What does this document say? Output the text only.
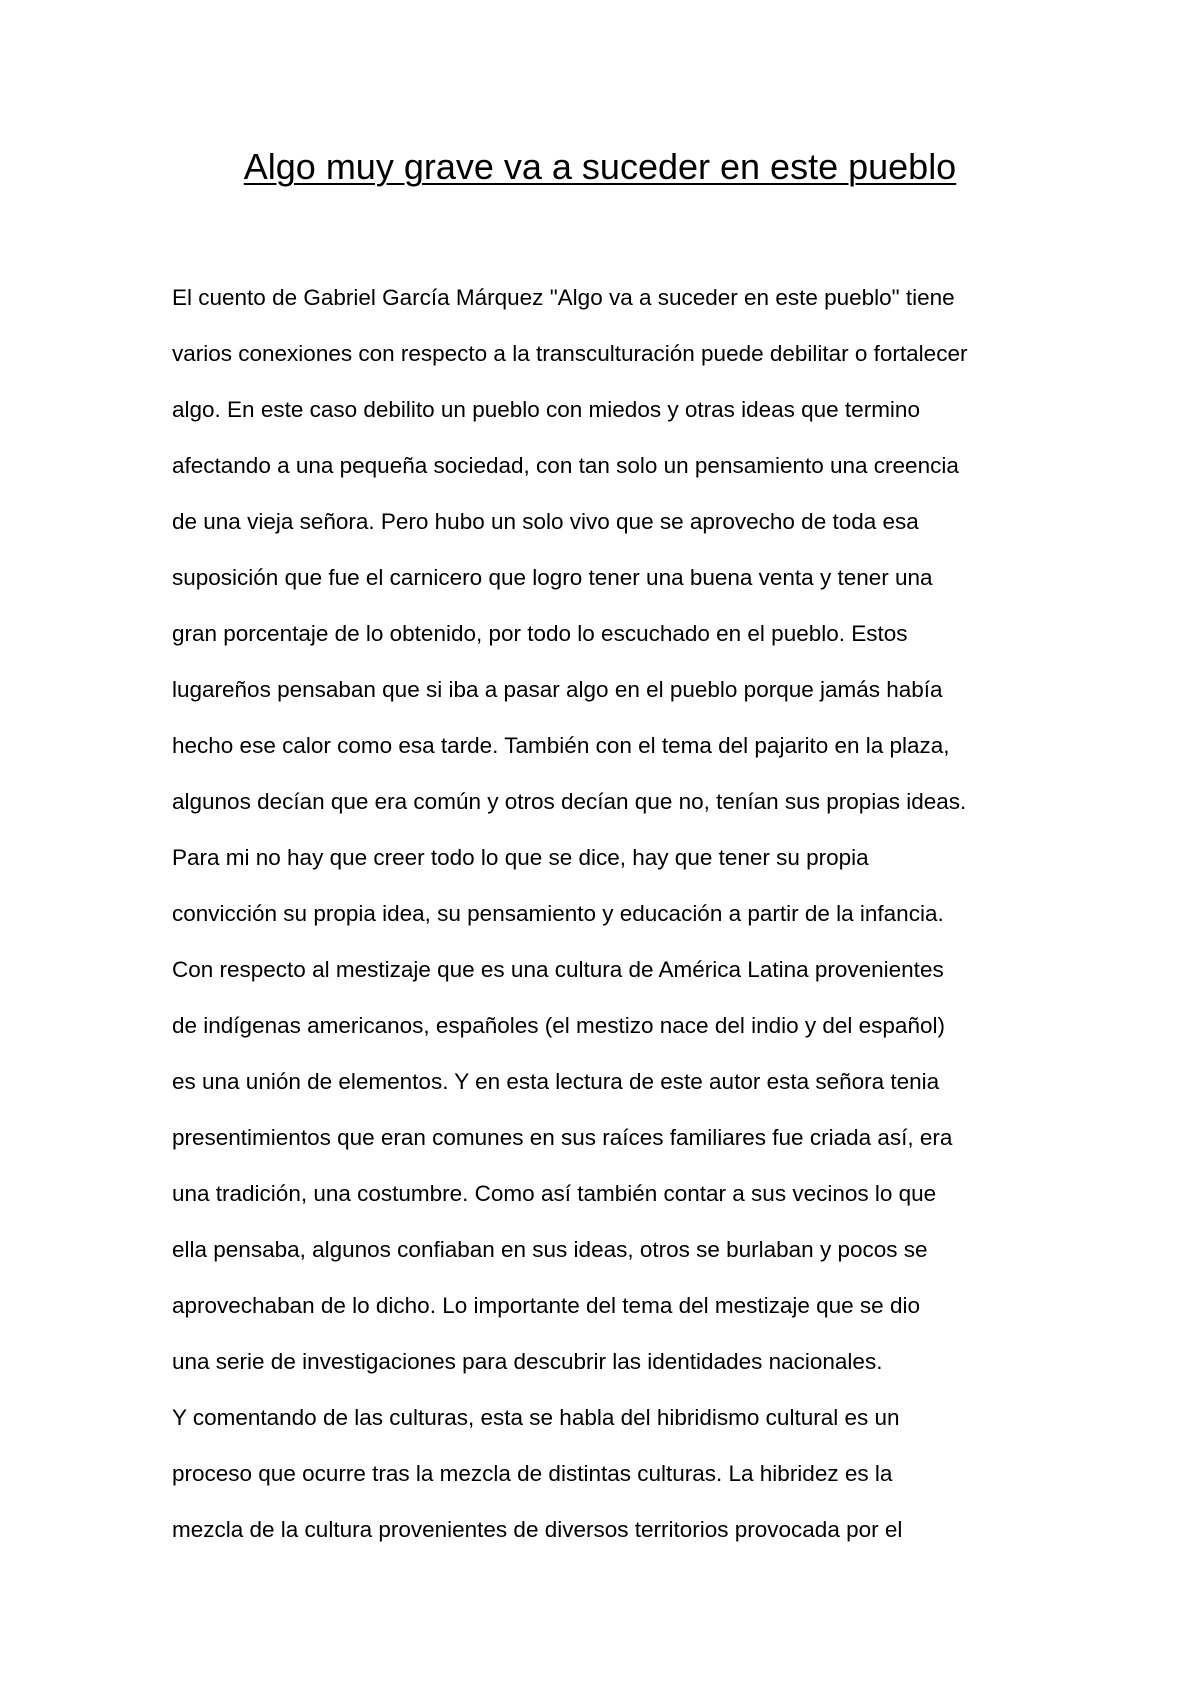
Algo muy grave va a suceder en este pueblo
El cuento de Gabriel García Márquez "Algo va a suceder en este pueblo" tiene
varios conexiones con respecto a la transculturación puede debilitar o fortalecer
algo. En este caso debilito un pueblo con miedos y otras ideas que termino
afectando a una pequeña sociedad, con tan solo un pensamiento una creencia
de una vieja señora. Pero hubo un solo vivo que se aprovecho de toda esa
suposición que fue el carnicero que logro tener una buena venta y tener una
gran porcentaje de lo obtenido, por todo lo escuchado en el pueblo. Estos
lugareños pensaban que si iba a pasar algo en el pueblo porque jamás había
hecho ese calor como esa tarde. También con el tema del pajarito en la plaza,
algunos decían que era común y otros decían que no, tenían sus propias ideas.
Para mi no hay que creer todo lo que se dice, hay que tener su propia
convicción su propia idea, su pensamiento y educación a partir de la infancia.
Con respecto al mestizaje que es una cultura de América Latina provenientes
de indígenas americanos, españoles (el mestizo nace del indio y del español)
es una unión de elementos. Y en esta lectura de este autor esta señora tenia
presentimientos que eran comunes en sus raíces familiares fue criada así, era
una tradición, una costumbre. Como así también contar a sus vecinos lo que
ella pensaba, algunos confiaban en sus ideas, otros se burlaban y pocos se
aprovechaban de lo dicho. Lo importante del tema del mestizaje que se dio
una serie de investigaciones para descubrir las identidades nacionales.
Y comentando de las culturas, esta se habla del hibridismo cultural es un
proceso que ocurre tras la mezcla de distintas culturas. La hibridez es la
mezcla de la cultura provenientes de diversos territorios provocada por el
